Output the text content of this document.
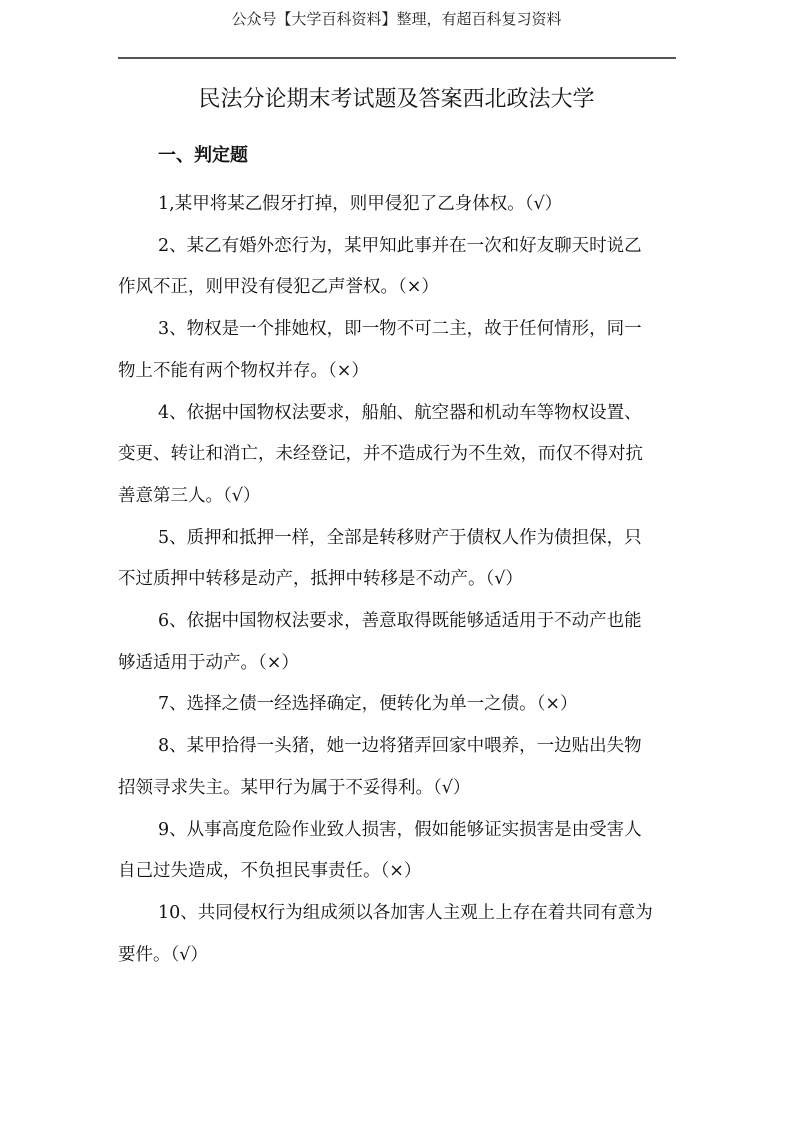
公众号【大学百科资料】整理，有超百科复习资料
民法分论期末考试题及答案西北政法大学
一、判定题
1,某甲将某乙假牙打掉，则甲侵犯了乙身体权。（√）
2、某乙有婚外恋行为，某甲知此事并在一次和好友聊天时说乙
作风不正，则甲没有侵犯乙声誉权。（×）
3、物权是一个排她权，即一物不可二主，故于任何情形，同一
物上不能有两个物权并存。（×）
4、依据中国物权法要求，船舶、航空器和机动车等物权设置、
变更、转让和消亡，未经登记，并不造成行为不生效，而仅不得对抗
善意第三人。（√）
5、质押和抵押一样，全部是转移财产于债权人作为债担保，只
不过质押中转移是动产，抵押中转移是不动产。（√）
6、依据中国物权法要求，善意取得既能够适适用于不动产也能
够适适用于动产。（×）
7、选择之债一经选择确定，便转化为单一之债。（×）
8、某甲拾得一头猪，她一边将猪弄回家中喂养，一边贴出失物
招领寻求失主。某甲行为属于不妥得利。（√）
9、从事高度危险作业致人损害，假如能够证实损害是由受害人
自己过失造成，不负担民事责任。（×）
10、共同侵权行为组成须以各加害人主观上上存在着共同有意为
要件。（√）
